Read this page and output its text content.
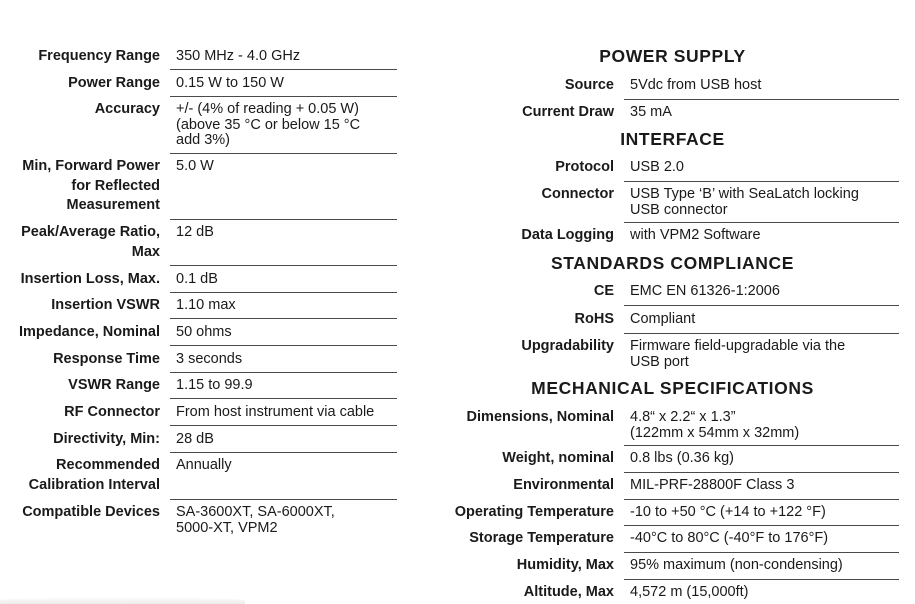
Frequency Range 350 MHz - 4.0 GHz
Power Range 0.15 W to 150 W
Accuracy +/- (4% of reading + 0.05 W)
(above 35 °C or below 15 °C
add 3%)
Min, Forward Power for Reflected Measurement
5.0 W
Peak/Average Ratio, Max
12 dB
Insertion Loss, Max. 0.1 dB
Insertion VSWR 1.10 max
Impedance, Nominal 50 ohms
Response Time 3 seconds
VSWR Range 1.15 to 99.9
RF Connector From host instrument via cable
Directivity, Min: 28 dB
Recommended Calibration Interval
Annually
Compatible Devices SA-3600XT, SA-6000XT,
5000-XT, VPM2
POWER SUPPLY
Source 5Vdc from USB host
Current Draw 35 mA
INTERFACE
Protocol USB 2.0
Connector USB Type ‘B’ with SeaLatch locking
USB connector
Data Logging with VPM2 Software
STANDARDS COMPLIANCE
CE EMC EN 61326-1:2006
RoHS Compliant
Upgradability Firmware field-upgradable via the
USB port
MECHANICAL SPECIFICATIONS
Dimensions, Nominal 4.8“ x 2.2“ x 1.3”
(122mm x 54mm x 32mm)
Weight, nominal 0.8 lbs (0.36 kg)
Environmental MIL-PRF-28800F Class 3
Operating Temperature -10 to +50 °C (+14 to +122 °F)
Storage Temperature -40°C to 80°C (-40°F to 176°F)
Humidity, Max 95% maximum (non-condensing)
Altitude, Max 4,572 m (15,000ft)
